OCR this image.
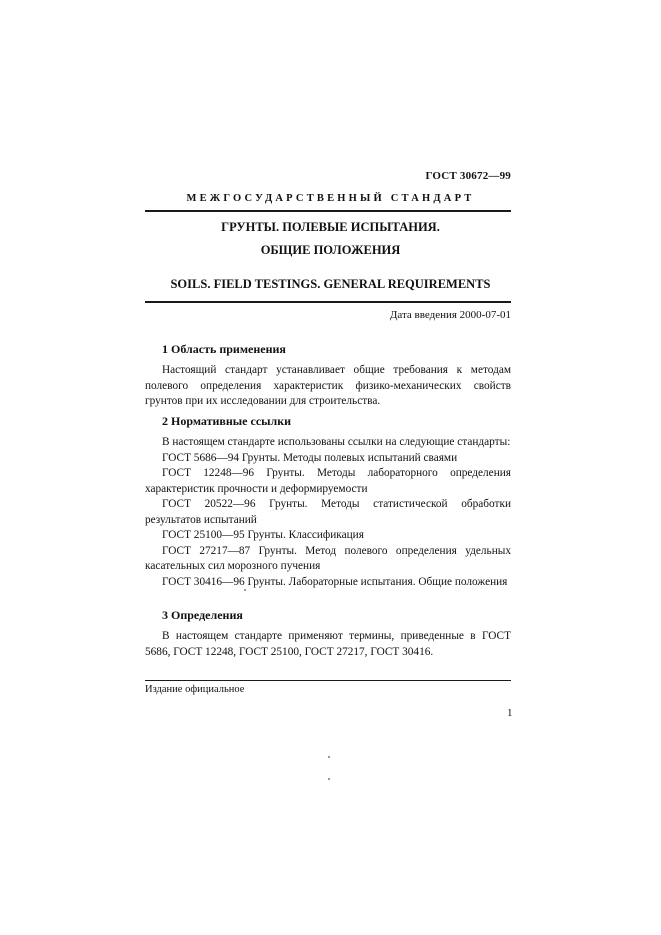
ГОСТ 30672—99
МЕЖГОСУДАРСТВЕННЫЙ СТАНДАРТ
ГРУНТЫ. ПОЛЕВЫЕ ИСПЫТАНИЯ.
ОБЩИЕ ПОЛОЖЕНИЯ
SOILS. FIELD TESTINGS. GENERAL REQUIREMENTS
Дата введения 2000-07-01
1 Область применения

Настоящий стандарт устанавливает общие требования к методам полевого определения характеристик физико-механических свойств грунтов при их исследовании для строительства.

2 Нормативные ссылки

В настоящем стандарте использованы ссылки на следующие стандарты:

ГОСТ 5686—94 Грунты. Методы полевых испытаний сваями

ГОСТ 12248—96 Грунты. Методы лабораторного определения характеристик прочности и деформируемости

ГОСТ 20522—96 Грунты. Методы статистической обработки результатов испытаний

ГОСТ 25100—95 Грунты. Классификация

ГОСТ 27217—87 Грунты. Метод полевого определения удельных касательных сил морозного пучения

ГОСТ 30416—96 Грунты. Лабораторные испытания. Общие положения

3 Определения

В настоящем стандарте применяют термины, приведенные в ГОСТ 5686, ГОСТ 12248, ГОСТ 25100, ГОСТ 27217, ГОСТ 30416.

Издание официальное
1
